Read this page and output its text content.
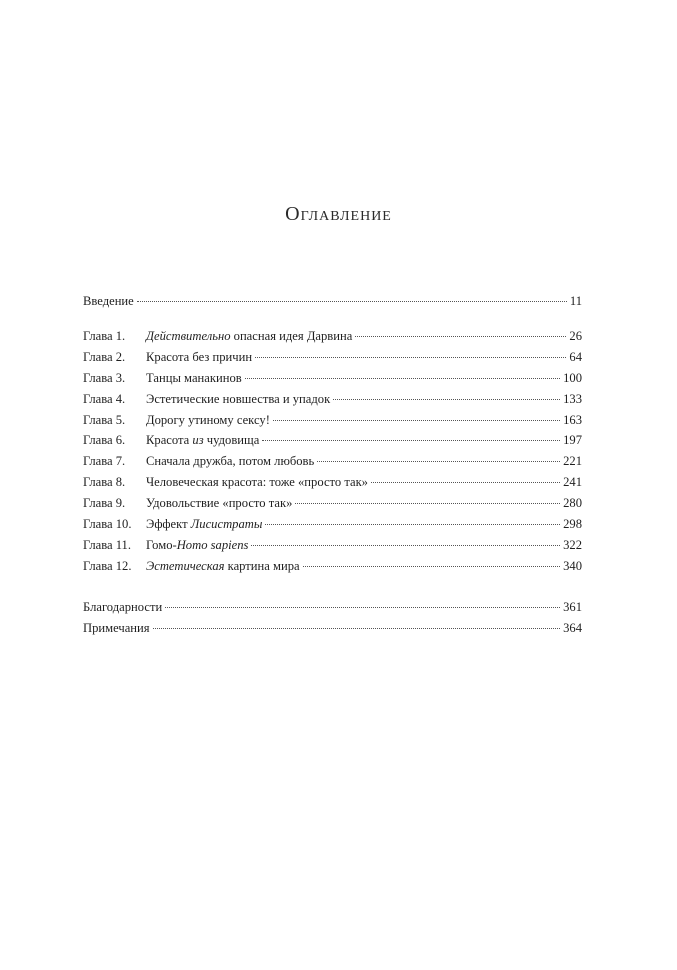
Оглавление
Введение	11
Глава 1.	Действительно опасная идея Дарвина	26
Глава 2.	Красота без причин	64
Глава 3.	Танцы манакинов	100
Глава 4.	Эстетические новшества и упадок	133
Глава 5.	Дорогу утиному сексу!	163
Глава 6.	Красота из чудовища	197
Глава 7.	Сначала дружба, потом любовь	221
Глава 8.	Человеческая красота: тоже «просто так»	241
Глава 9.	Удовольствие «просто так»	280
Глава 10.	Эффект Лисистраты	298
Глава 11.	Гомо-Homo sapiens	322
Глава 12.	Эстетическая картина мира	340
Благодарности	361
Примечания	364
